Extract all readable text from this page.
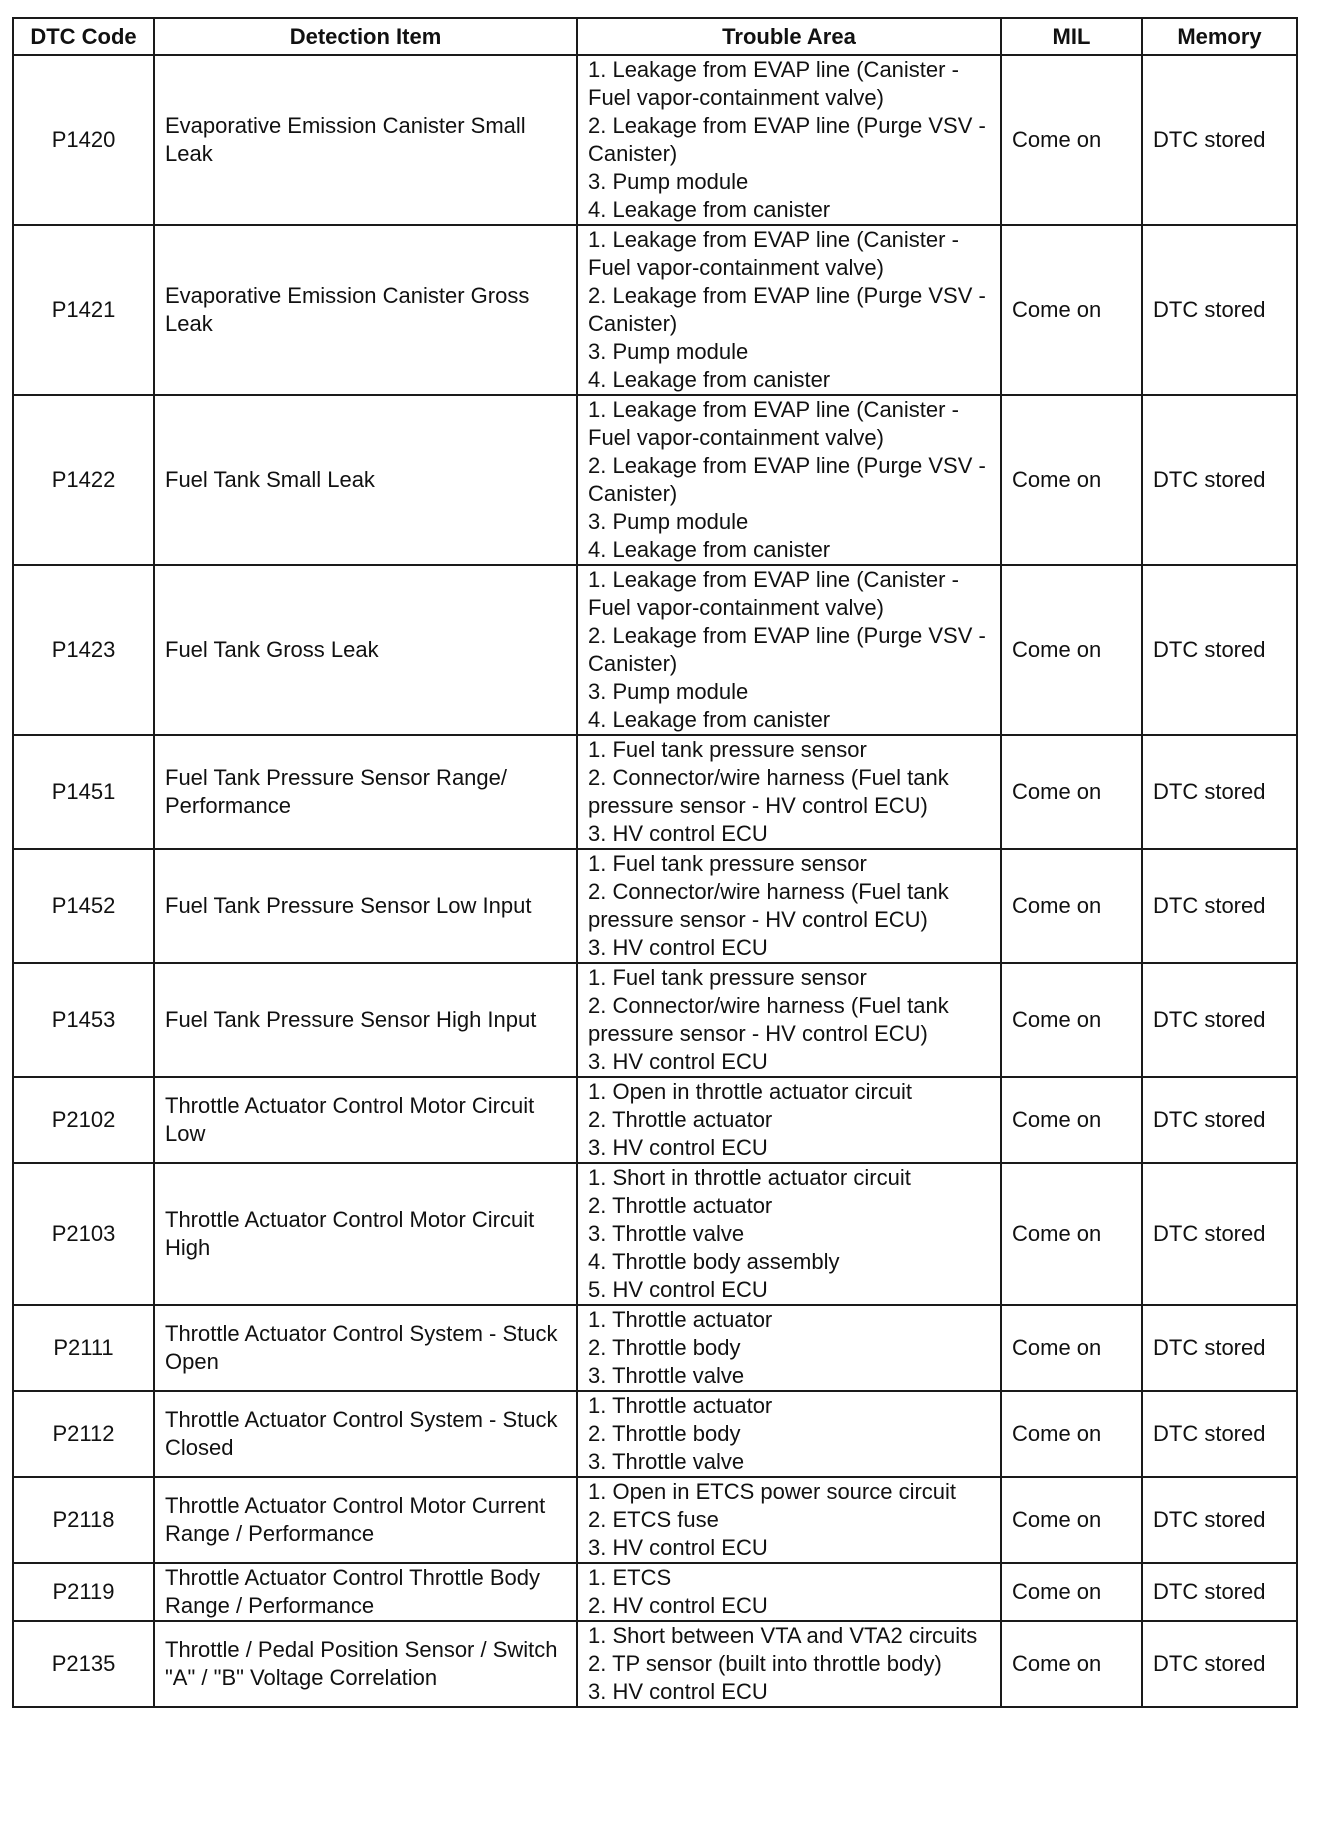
DTC Code	Detection Item	Trouble Area	MIL	Memory
P1420	Evaporative Emission Canister Small Leak	1. Leakage from EVAP line (Canister - Fuel vapor-containment valve)
2. Leakage from EVAP line (Purge VSV - Canister)
3. Pump module
4. Leakage from canister	Come on	DTC stored
P1421	Evaporative Emission Canister Gross Leak	1. Leakage from EVAP line (Canister - Fuel vapor-containment valve)
2. Leakage from EVAP line (Purge VSV - Canister)
3. Pump module
4. Leakage from canister	Come on	DTC stored
P1422	Fuel Tank Small Leak	1. Leakage from EVAP line (Canister - Fuel vapor-containment valve)
2. Leakage from EVAP line (Purge VSV - Canister)
3. Pump module
4. Leakage from canister	Come on	DTC stored
P1423	Fuel Tank Gross Leak	1. Leakage from EVAP line (Canister - Fuel vapor-containment valve)
2. Leakage from EVAP line (Purge VSV - Canister)
3. Pump module
4. Leakage from canister	Come on	DTC stored
P1451	Fuel Tank Pressure Sensor Range/ Performance	1. Fuel tank pressure sensor
2. Connector/wire harness (Fuel tank pressure sensor - HV control ECU)
3. HV control ECU	Come on	DTC stored
P1452	Fuel Tank Pressure Sensor Low Input	1. Fuel tank pressure sensor
2. Connector/wire harness (Fuel tank pressure sensor - HV control ECU)
3. HV control ECU	Come on	DTC stored
P1453	Fuel Tank Pressure Sensor High Input	1. Fuel tank pressure sensor
2. Connector/wire harness (Fuel tank pressure sensor - HV control ECU)
3. HV control ECU	Come on	DTC stored
P2102	Throttle Actuator Control Motor Circuit Low	1. Open in throttle actuator circuit
2. Throttle actuator
3. HV control ECU	Come on	DTC stored
P2103	Throttle Actuator Control Motor Circuit High	1. Short in throttle actuator circuit
2. Throttle actuator
3. Throttle valve
4. Throttle body assembly
5. HV control ECU	Come on	DTC stored
P2111	Throttle Actuator Control System - Stuck Open	1. Throttle actuator
2. Throttle body
3. Throttle valve	Come on	DTC stored
P2112	Throttle Actuator Control System - Stuck Closed	1. Throttle actuator
2. Throttle body
3. Throttle valve	Come on	DTC stored
P2118	Throttle Actuator Control Motor Current Range / Performance	1. Open in ETCS power source circuit
2. ETCS fuse
3. HV control ECU	Come on	DTC stored
P2119	Throttle Actuator Control Throttle Body Range / Performance	1. ETCS
2. HV control ECU	Come on	DTC stored
P2135	Throttle / Pedal Position Sensor / Switch "A" / "B" Voltage Correlation	1. Short between VTA and VTA2 circuits
2. TP sensor (built into throttle body)
3. HV control ECU	Come on	DTC stored
